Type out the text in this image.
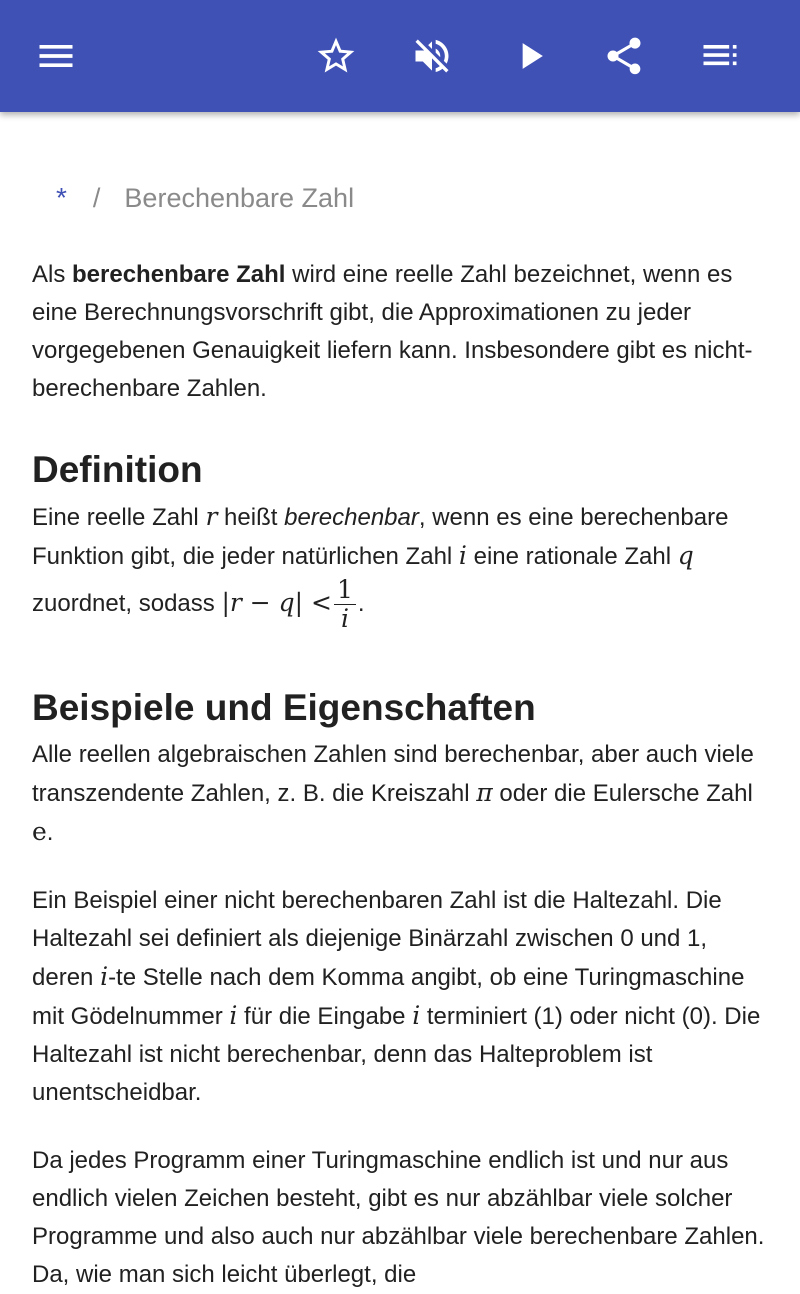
* / Berechenbare Zahl

Als berechenbare Zahl wird eine reelle Zahl bezeichnet, wenn es eine Berechnungsvorschrift gibt, die Approximationen zu jeder vorgegebenen Genauigkeit liefern kann. Insbesondere gibt es nicht-berechenbare Zahlen.

Definition

Eine reelle Zahl r heißt berechenbar, wenn es eine berechenbare Funktion gibt, die jeder natürlichen Zahl i eine rationale Zahl q zuordnet, sodass $|r - q| < \frac{1}{i}$ .

Beispiele und Eigenschaften

Alle reellen algebraischen Zahlen sind berechenbar, aber auch viele transzendente Zahlen, z. B. die Kreiszahl π oder die Eulersche Zahl e.

Ein Beispiel einer nicht berechenbaren Zahl ist die Haltezahl. Die Haltezahl sei definiert als diejenige Binärzahl zwischen 0 und 1, deren i-te Stelle nach dem Komma angibt, ob eine Turingmaschine mit Gödelnummer i für die Eingabe i terminiert (1) oder nicht (0). Die Haltezahl ist nicht berechenbar, denn das Halteproblem ist unentscheidbar.

Da jedes Programm einer Turingmaschine endlich ist und nur aus endlich vielen Zeichen besteht, gibt es nur abzählbar viele solcher Programme und also auch nur abzählbar viele berechenbare Zahlen. Da, wie man sich leicht überlegt, die
